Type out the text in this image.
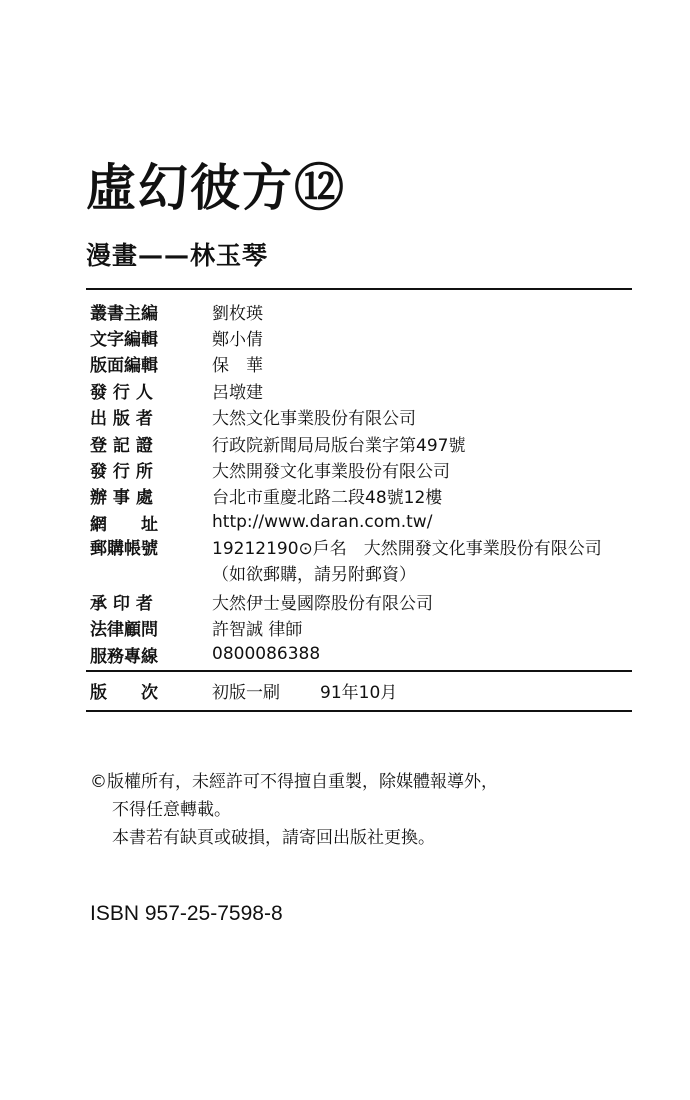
虛幻彼方⑫
漫畫——林玉琴
叢書主編	劉枚瑛
文字編輯	鄭小倩
版面編輯	保　華
發 行 人	呂墩建
出 版 者	大然文化事業股份有限公司
登 記 證	行政院新聞局局版台業字第497號
發 行 所	大然開發文化事業股份有限公司
辦 事 處	台北市重慶北路二段48號12樓
網　　址	http://www.daran.com.tw/
郵購帳號	19212190⊙戶名　大然開發文化事業股份有限公司
（如欲郵購，請另附郵資）
承 印 者	大然伊士曼國際股份有限公司
法律顧問	許智誠 律師
服務專線	0800086388
版　　次	初版一刷 91年10月
©版權所有，未經許可不得擅自重製，除媒體報導外，
不得任意轉載。
本書若有缺頁或破損，請寄回出版社更換。
ISBN 957-25-7598-8
